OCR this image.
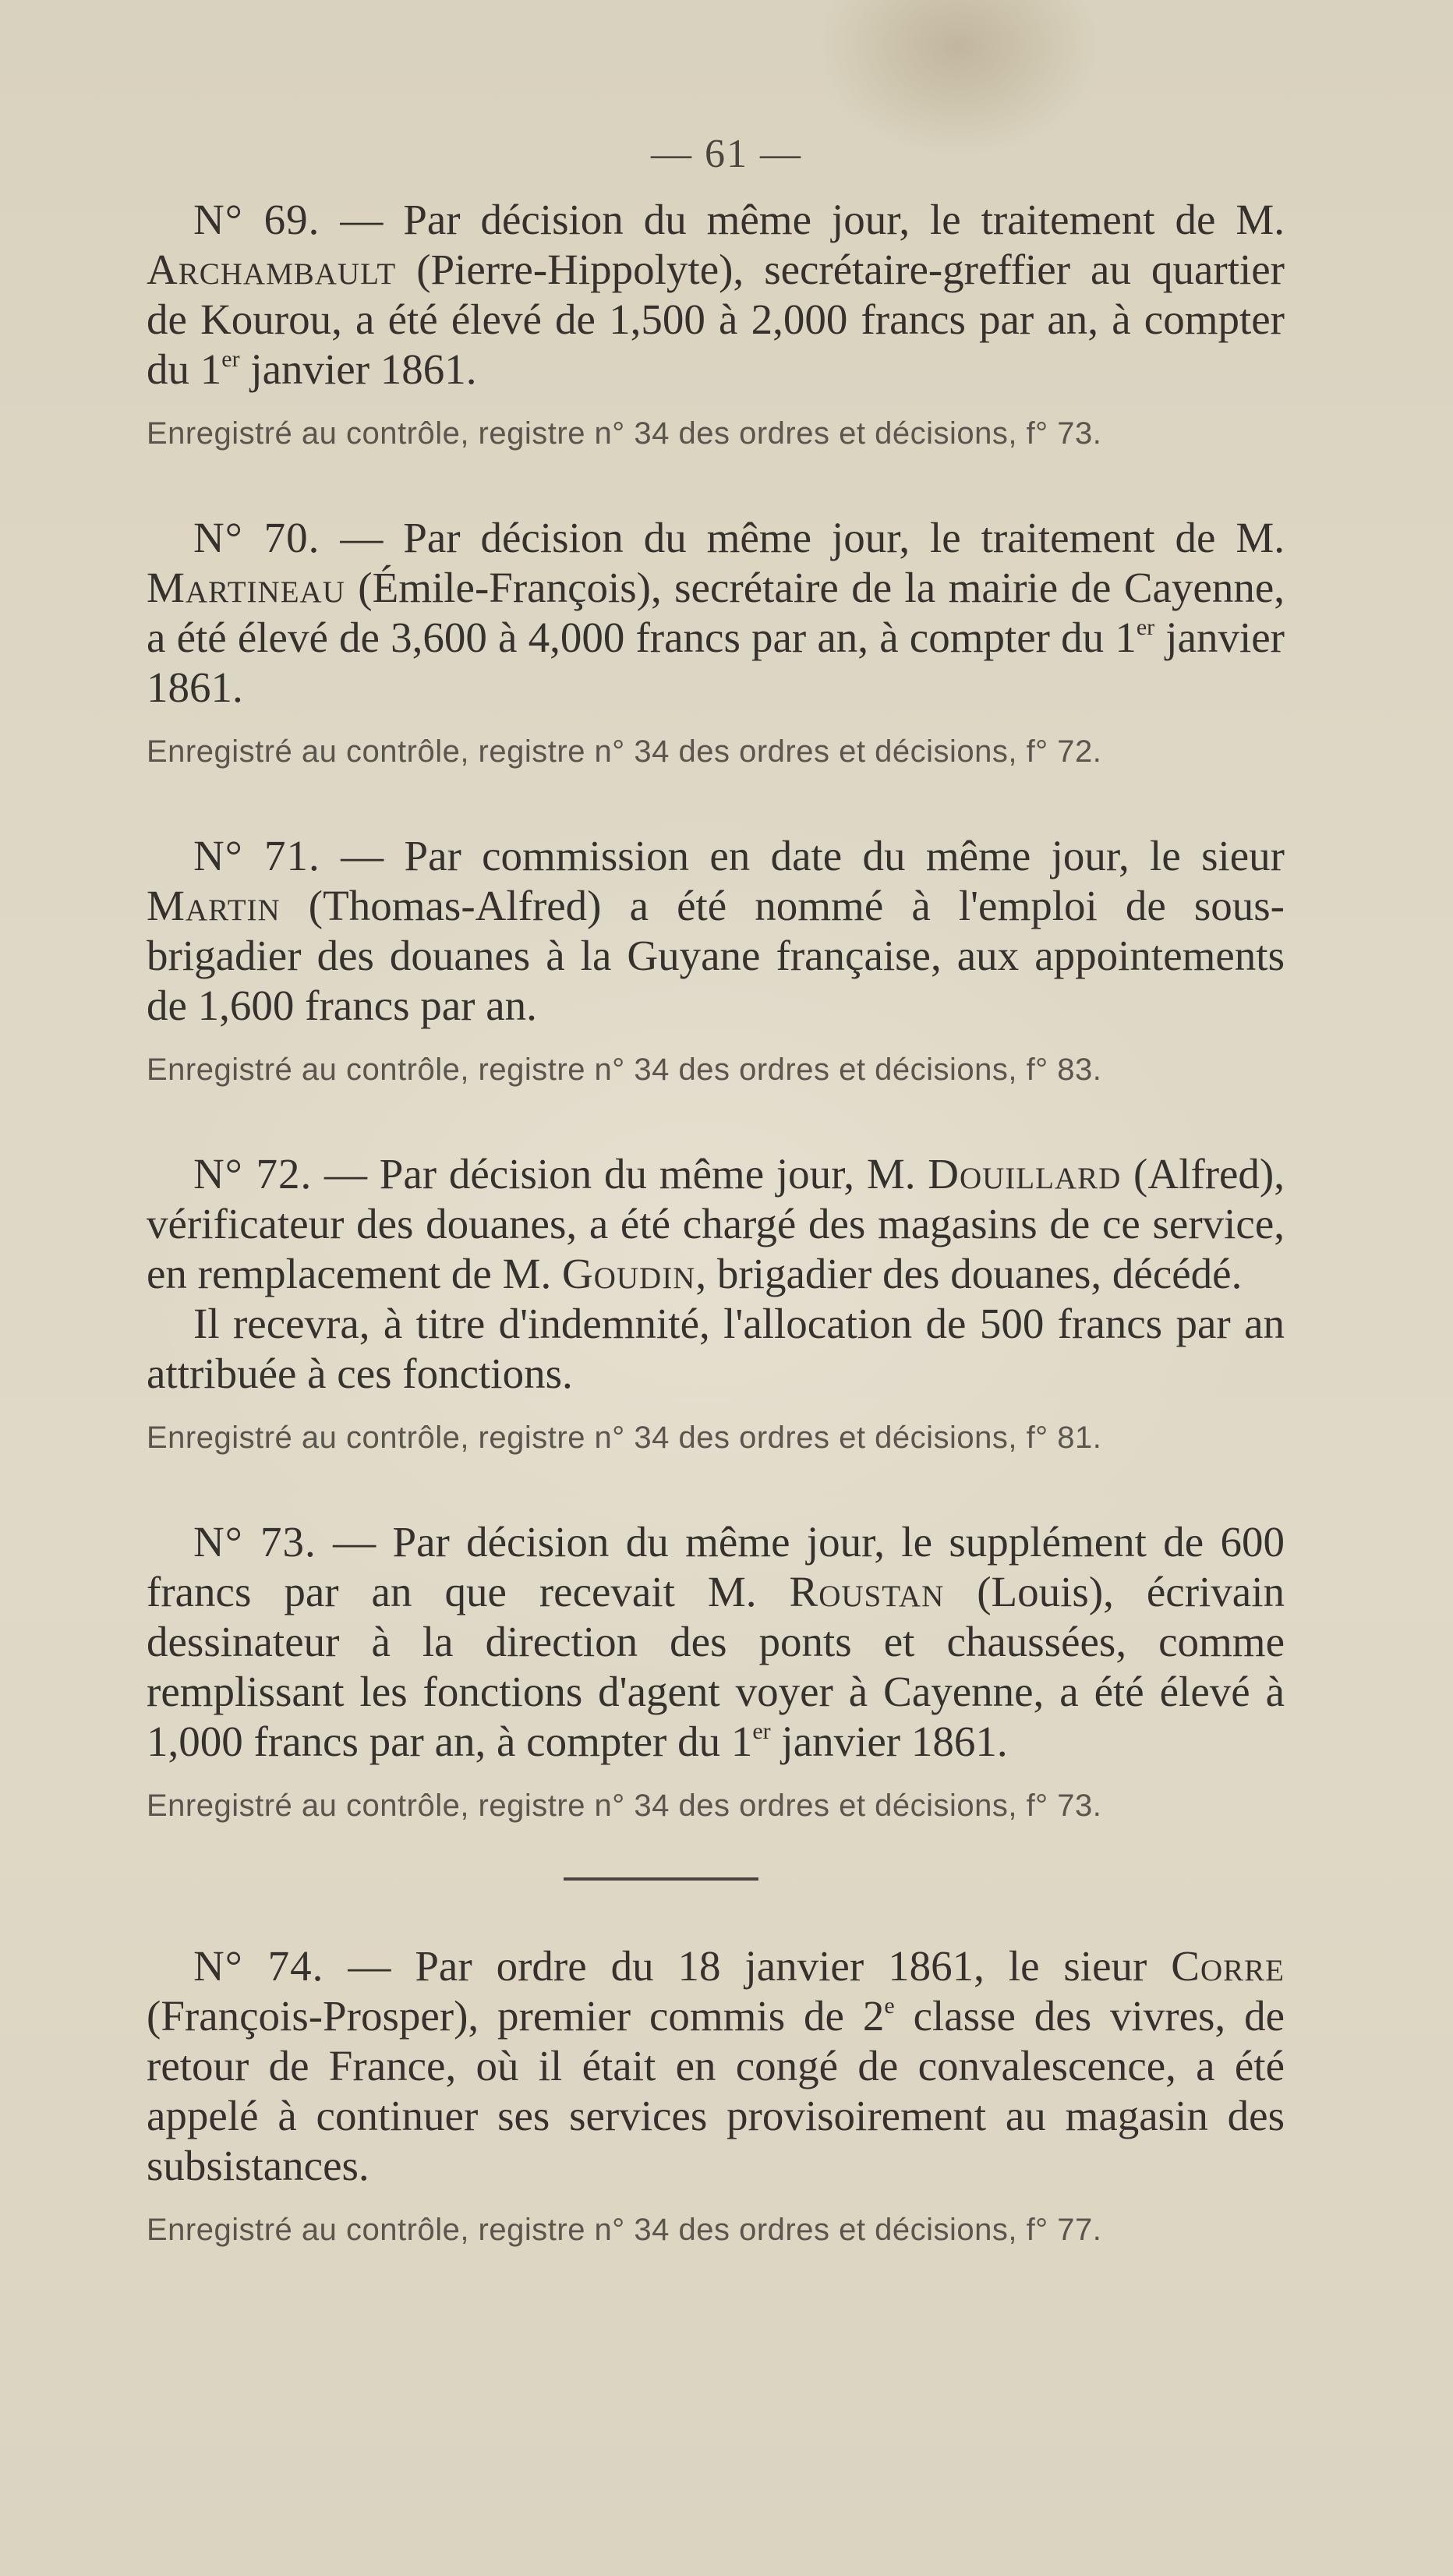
— 61 —

N° 69. — Par décision du même jour, le traitement de M. Archambault (Pierre-Hippolyte), secrétaire-greffier au quartier de Kourou, a été élevé de 1,500 à 2,000 francs par an, à compter du 1er janvier 1861.

Enregistré au contrôle, registre n° 34 des ordres et décisions, f° 73.

N° 70. — Par décision du même jour, le traitement de M. Martineau (Émile-François), secrétaire de la mairie de Cayenne, a été élevé de 3,600 à 4,000 francs par an, à compter du 1er janvier 1861.

Enregistré au contrôle, registre n° 34 des ordres et décisions, f° 72.

N° 71. — Par commission en date du même jour, le sieur Martin (Thomas-Alfred) a été nommé à l'emploi de sous-brigadier des douanes à la Guyane française, aux appointements de 1,600 francs par an.

Enregistré au contrôle, registre n° 34 des ordres et décisions, f° 83.

N° 72. — Par décision du même jour, M. Douillard (Alfred), vérificateur des douanes, a été chargé des magasins de ce service, en remplacement de M. Goudin, brigadier des douanes, décédé.
Il recevra, à titre d'indemnité, l'allocation de 500 francs par an attribuée à ces fonctions.

Enregistré au contrôle, registre n° 34 des ordres et décisions, f° 81.

N° 73. — Par décision du même jour, le supplément de 600 francs par an que recevait M. Roustan (Louis), écrivain dessinateur à la direction des ponts et chaussées, comme remplissant les fonctions d'agent voyer à Cayenne, a été élevé à 1,000 francs par an, à compter du 1er janvier 1861.

Enregistré au contrôle, registre n° 34 des ordres et décisions, f° 73.

N° 74. — Par ordre du 18 janvier 1861, le sieur Corre (François-Prosper), premier commis de 2e classe des vivres, de retour de France, où il était en congé de convalescence, a été appelé à continuer ses services provisoirement au magasin des subsistances.

Enregistré au contrôle, registre n° 34 des ordres et décisions, f° 77.
